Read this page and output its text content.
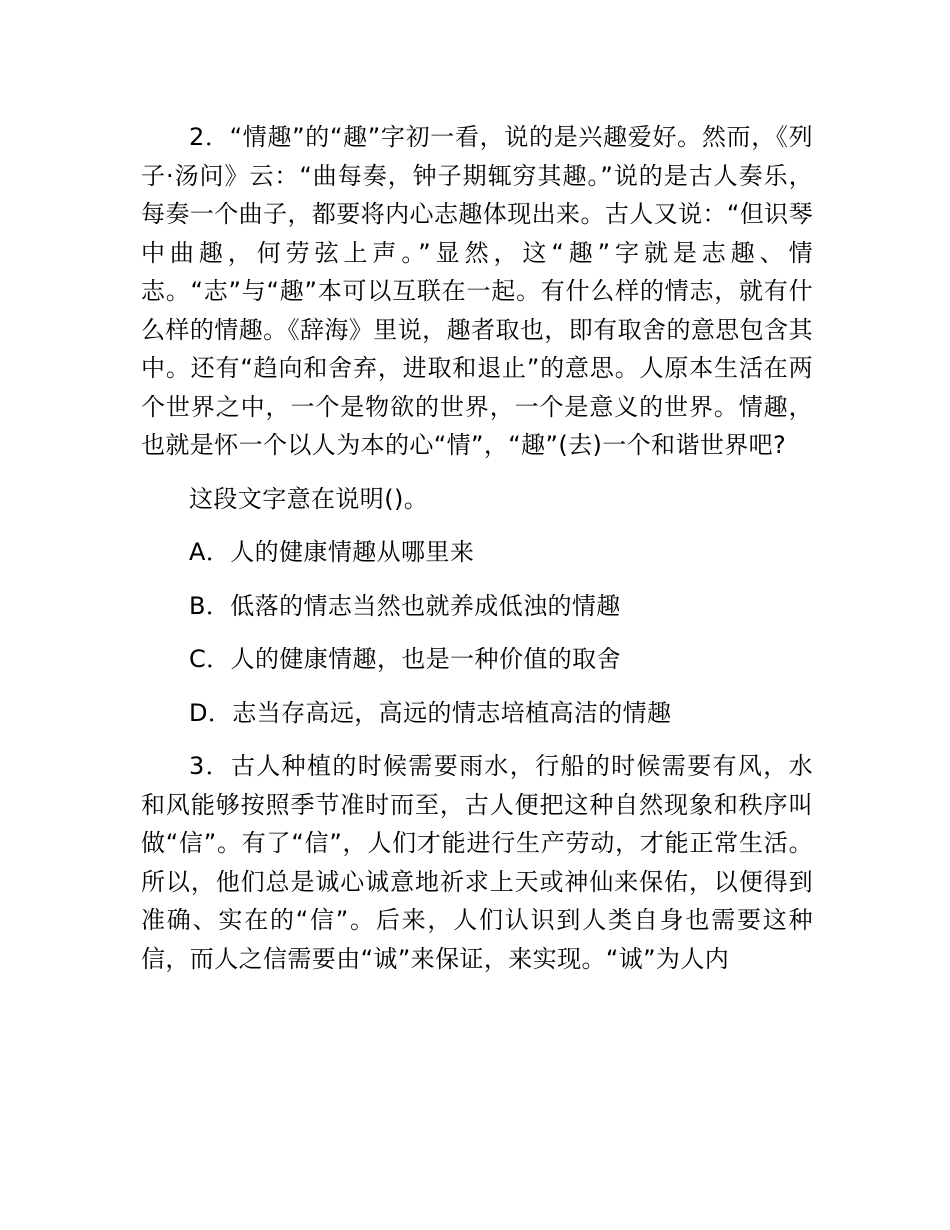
2．“情趣”的“趣”字初一看，说的是兴趣爱好。然而，《列子·汤问》云：“曲每奏，钟子期辄穷其趣。”说的是古人奏乐，每奏一个曲子，都要将内心志趣体现出来。古人又说：“但识琴中曲趣，何劳弦上声。”显然，这“趣”字就是志趣、情志。“志”与“趣”本可以互联在一起。有什么样的情志，就有什么样的情趣。《辞海》里说，趣者取也，即有取舍的意思包含其中。还有“趋向和舍弃，进取和退止”的意思。人原本生活在两个世界之中，一个是物欲的世界，一个是意义的世界。情趣，也就是怀一个以人为本的心“情”，“趣”(去)一个和谐世界吧?

这段文字意在说明()。

A．人的健康情趣从哪里来

B．低落的情志当然也就养成低浊的情趣

C．人的健康情趣，也是一种价值的取舍

D．志当存高远，高远的情志培植高洁的情趣

3．古人种植的时候需要雨水，行船的时候需要有风，水和风能够按照季节准时而至，古人便把这种自然现象和秩序叫做“信”。有了“信”，人们才能进行生产劳动，才能正常生活。所以，他们总是诚心诚意地祈求上天或神仙来保佑，以便得到准确、实在的“信”。后来，人们认识到人类自身也需要这种信，而人之信需要由“诚”来保证，来实现。“诚”为人内
